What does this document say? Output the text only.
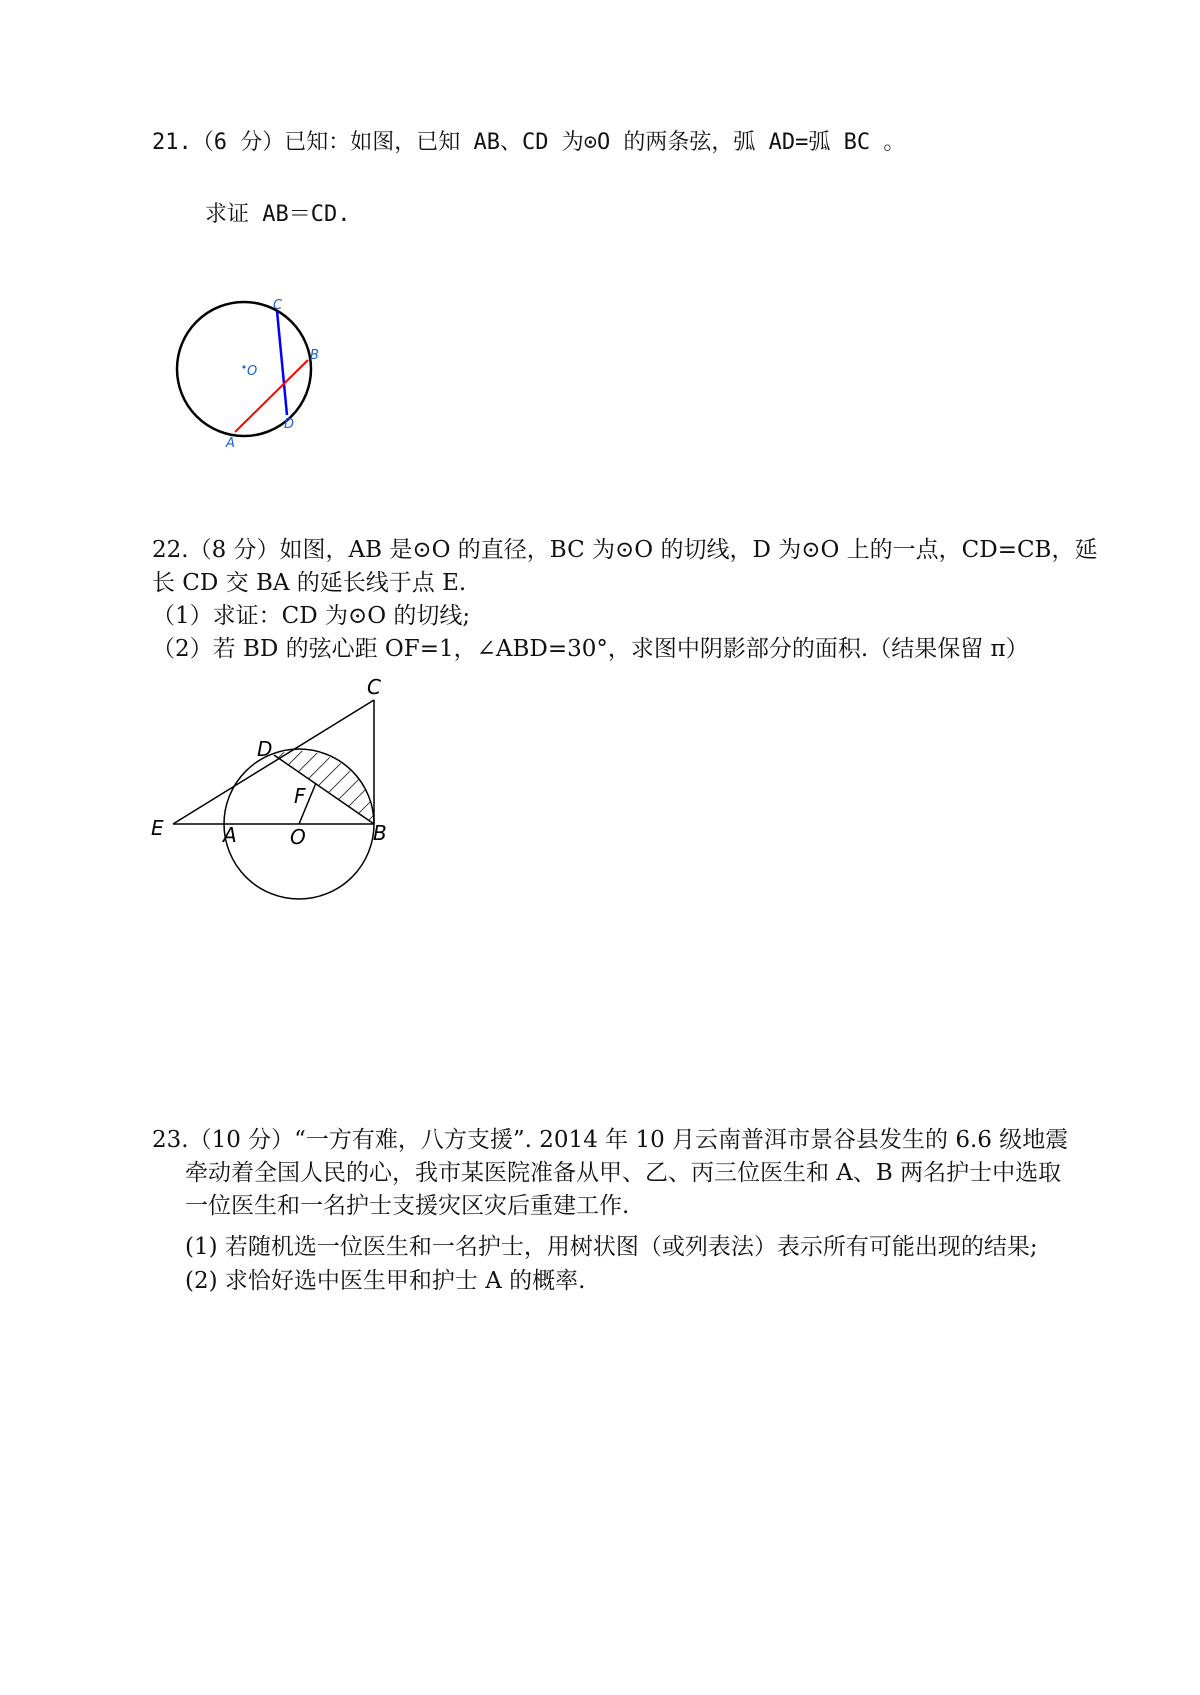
21.（6 分）已知：如图，已知 AB、CD 为⊙O 的两条弦，弧 AD=弧 BC 。
求证 AB＝CD.
C
B
O
D
A
22.（8 分）如图，AB 是⊙O 的直径，BC 为⊙O 的切线，D 为⊙O 上的一点，CD=CB，延
长 CD 交 BA 的延长线于点 E.
（1）求证：CD 为⊙O 的切线;
（2）若 BD 的弦心距 OF=1，∠ABD=30°，求图中阴影部分的面积.（结果保留 π）
C
D
F
E	A	O	B
23.（10 分）“一方有难，八方支援”. 2014 年 10 月云南普洱市景谷县发生的 6.6 级地震
牵动着全国人民的心，我市某医院准备从甲、乙、丙三位医生和 A、B 两名护士中选取
一位医生和一名护士支援灾区灾后重建工作.
(1) 若随机选一位医生和一名护士，用树状图（或列表法）表示所有可能出现的结果;
(2) 求恰好选中医生甲和护士 A 的概率.
